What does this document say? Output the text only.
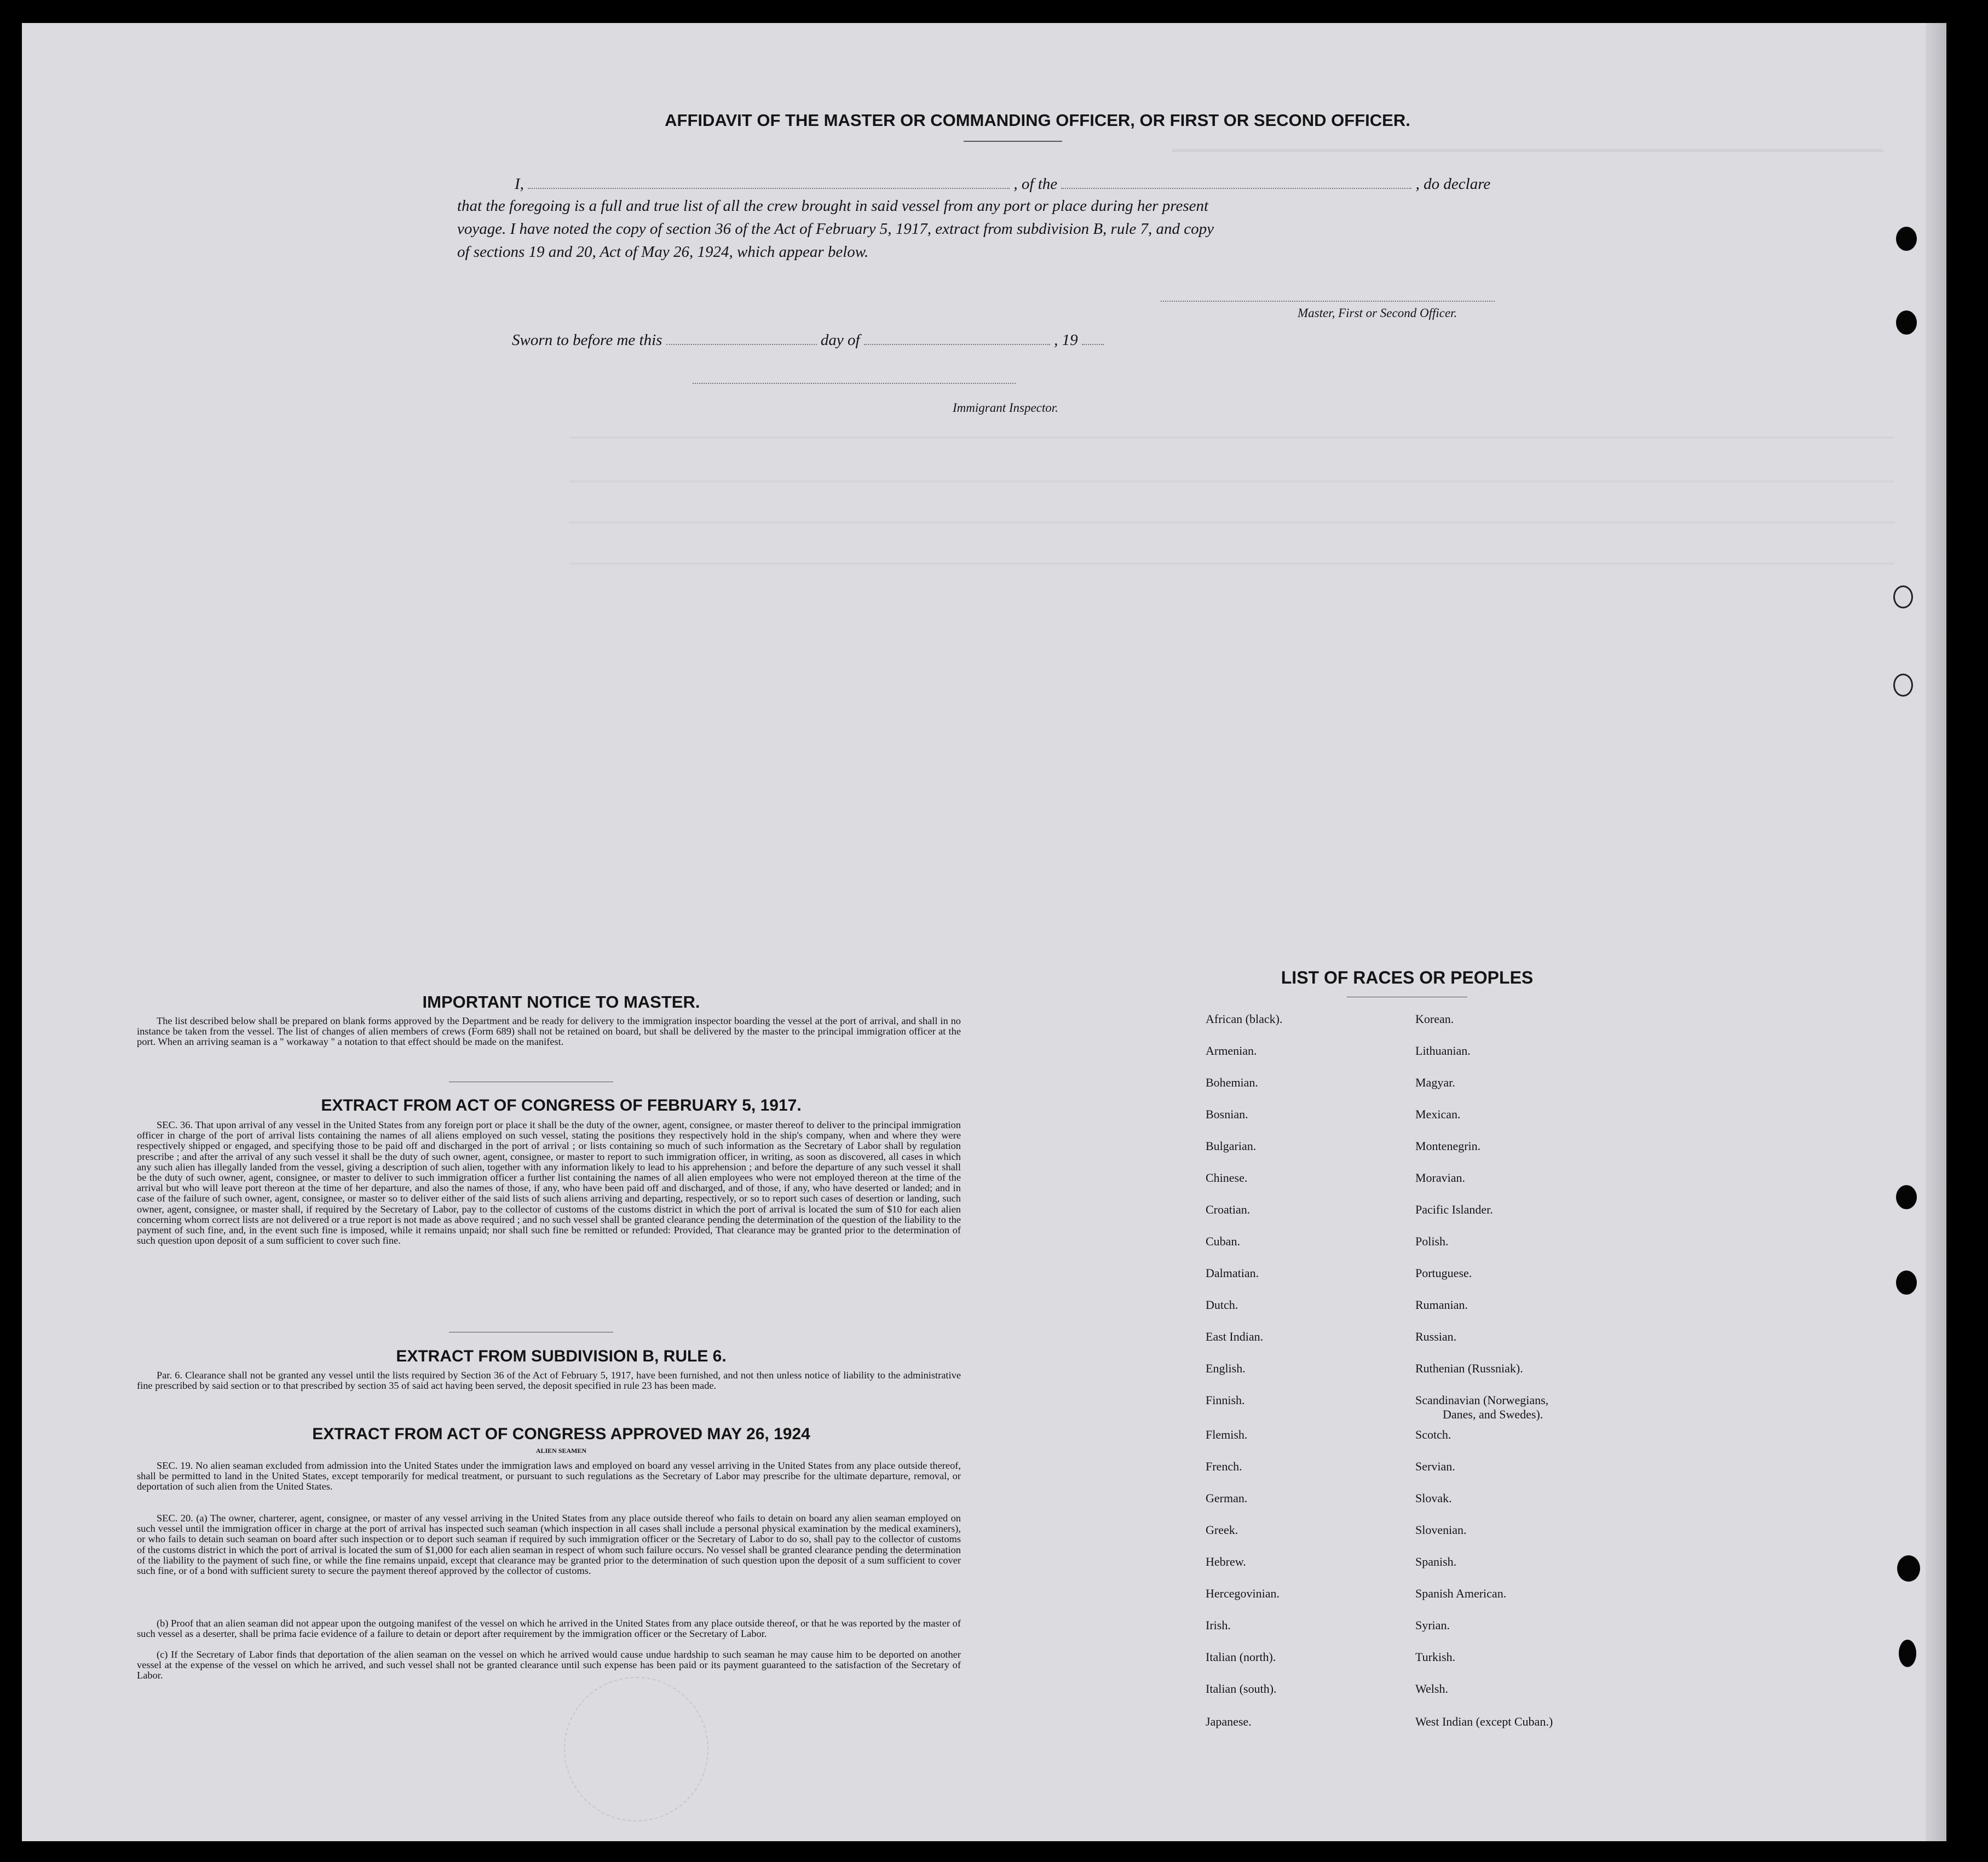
AFFIDAVIT OF THE MASTER OR COMMANDING OFFICER, OR FIRST OR SECOND OFFICER.
I,	, of the	, do declare
that the foregoing is a full and true list of all the crew brought in said vessel from any port or place during her present
voyage. I have noted the copy of section 36 of the Act of February 5, 1917, extract from subdivision B, rule 7, and copy
of sections 19 and 20, Act of May 26, 1924, which appear below.
Master, First or Second Officer.
Sworn to before me this	day of	, 19
Immigrant Inspector.
IMPORTANT NOTICE TO MASTER.
The list described below shall be prepared on blank forms approved by the Department and be ready for delivery to the immigration inspector boarding the vessel at the port of arrival, and shall in no instance be taken from the vessel. The list of changes of alien members of crews (Form 689) shall not be retained on board, but shall be delivered by the master to the principal immigration officer at the port. When an arriving seaman is a " workaway " a notation to that effect should be made on the manifest.
EXTRACT FROM ACT OF CONGRESS OF FEBRUARY 5, 1917.
SEC. 36. That upon arrival of any vessel in the United States from any foreign port or place it shall be the duty of the owner, agent, consignee, or master thereof to deliver to the principal immigration officer in charge of the port of arrival lists containing the names of all aliens employed on such vessel, stating the positions they respectively hold in the ship's company, when and where they were respectively shipped or engaged, and specifying those to be paid off and discharged in the port of arrival ; or lists containing so much of such information as the Secretary of Labor shall by regulation prescribe ; and after the arrival of any such vessel it shall be the duty of such owner, agent, consignee, or master to report to such immigration officer, in writing, as soon as discovered, all cases in which any such alien has illegally landed from the vessel, giving a description of such alien, together with any information likely to lead to his apprehension ; and before the departure of any such vessel it shall be the duty of such owner, agent, consignee, or master to deliver to such immigration officer a further list containing the names of all alien employees who were not employed thereon at the time of the arrival but who will leave port thereon at the time of her departure, and also the names of those, if any, who have been paid off and discharged, and of those, if any, who have deserted or landed; and in case of the failure of such owner, agent, consignee, or master so to deliver either of the said lists of such aliens arriving and departing, respectively, or so to report such cases of desertion or landing, such owner, agent, consignee, or master shall, if required by the Secretary of Labor, pay to the collector of customs of the customs district in which the port of arrival is located the sum of $10 for each alien concerning whom correct lists are not delivered or a true report is not made as above required ; and no such vessel shall be granted clearance pending the determination of the question of the liability to the payment of such fine, and, in the event such fine is imposed, while it remains unpaid; nor shall such fine be remitted or refunded: Provided, That clearance may be granted prior to the determination of such question upon deposit of a sum sufficient to cover such fine.
EXTRACT FROM SUBDIVISION B, RULE 6.
Par. 6. Clearance shall not be granted any vessel until the lists required by Section 36 of the Act of February 5, 1917, have been furnished, and not then unless notice of liability to the administrative fine prescribed by said section or to that prescribed by section 35 of said act having been served, the deposit specified in rule 23 has been made.
EXTRACT FROM ACT OF CONGRESS APPROVED MAY 26, 1924
ALIEN SEAMEN
SEC. 19. No alien seaman excluded from admission into the United States under the immigration laws and employed on board any vessel arriving in the United States from any place outside thereof, shall be permitted to land in the United States, except temporarily for medical treatment, or pursuant to such regulations as the Secretary of Labor may prescribe for the ultimate departure, removal, or deportation of such alien from the United States.
SEC. 20. (a) The owner, charterer, agent, consignee, or master of any vessel arriving in the United States from any place outside thereof who fails to detain on board any alien seaman employed on such vessel until the immigration officer in charge at the port of arrival has inspected such seaman (which inspection in all cases shall include a personal physical examination by the medical examiners), or who fails to detain such seaman on board after such inspection or to deport such seaman if required by such immigration officer or the Secretary of Labor to do so, shall pay to the collector of customs of the customs district in which the port of arrival is located the sum of $1,000 for each alien seaman in respect of whom such failure occurs. No vessel shall be granted clearance pending the determination of the liability to the payment of such fine, or while the fine remains unpaid, except that clearance may be granted prior to the determination of such question upon the deposit of a sum sufficient to cover such fine, or of a bond with sufficient surety to secure the payment thereof approved by the collector of customs.
(b) Proof that an alien seaman did not appear upon the outgoing manifest of the vessel on which he arrived in the United States from any place outside thereof, or that he was reported by the master of such vessel as a deserter, shall be prima facie evidence of a failure to detain or deport after requirement by the immigration officer or the Secretary of Labor.
(c) If the Secretary of Labor finds that deportation of the alien seaman on the vessel on which he arrived would cause undue hardship to such seaman he may cause him to be deported on another vessel at the expense of the vessel on which he arrived, and such vessel shall not be granted clearance until such expense has been paid or its payment guaranteed to the satisfaction of the Secretary of Labor.
LIST OF RACES OR PEOPLES
African (black).
Armenian.
Bohemian.
Bosnian.
Bulgarian.
Chinese.
Croatian.
Cuban.
Dalmatian.
Dutch.
East Indian.
English.
Finnish.
Flemish.
French.
German.
Greek.
Hebrew.
Hercegovinian.
Irish.
Italian (north).
Italian (south).
Japanese.
Korean.
Lithuanian.
Magyar.
Mexican.
Montenegrin.
Moravian.
Pacific Islander.
Polish.
Portuguese.
Rumanian.
Russian.
Ruthenian (Russniak).
Scandinavian (Norwegians,
Danes, and Swedes).
Scotch.
Servian.
Slovak.
Slovenian.
Spanish.
Spanish American.
Syrian.
Turkish.
Welsh.
West Indian (except Cuban.)
